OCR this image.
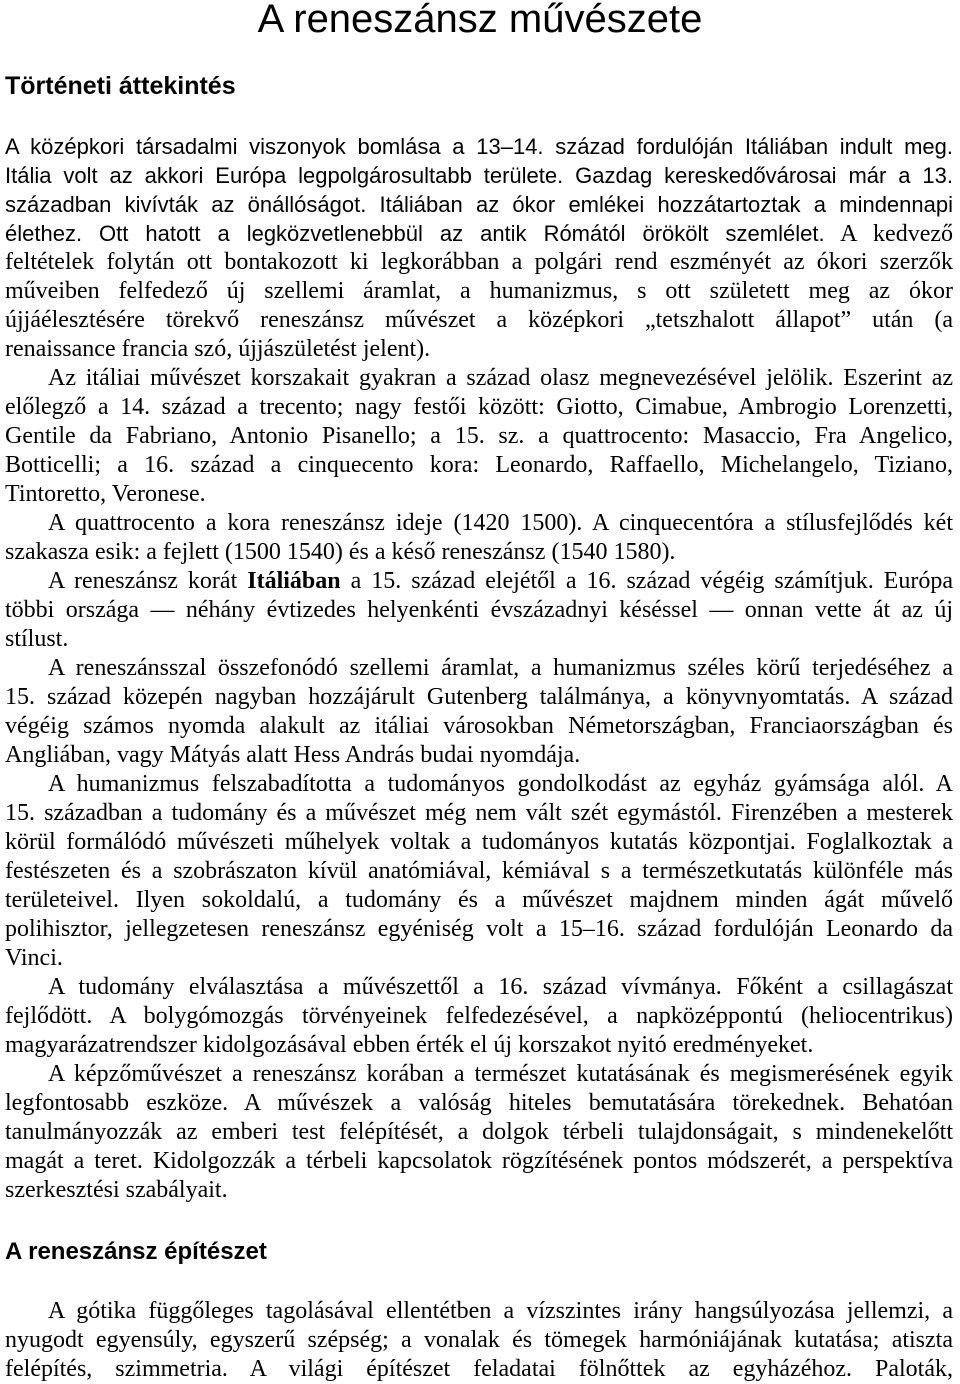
A reneszánsz művészete
Történeti áttekintés
A középkori társadalmi viszonyok bomlása a 13–14. század fordulóján Itáliában indult meg.
Itália volt az akkori Európa legpolgárosultabb területe. Gazdag kereskedővárosai már a 13.
században kivívták az önállóságot. Itáliában az ókor emlékei hozzátartoztak a mindennapi
élethez. Ott hatott a legközvetlenebbül az antik Rómától örökölt szemlélet. A kedvező
feltételek folytán ott bontakozott ki legkorábban a polgári rend eszményét az ókori szerzők
műveiben felfedező új szellemi áramlat, a humanizmus, s ott született meg az ókor
újjáélesztésére törekvő reneszánsz művészet a középkori „tetszhalott állapot” után (a
renaissance francia szó, újjászületést jelent).
Az itáliai művészet korszakait gyakran a század olasz megnevezésével jelölik. Eszerint az
előlegző a 14. század a trecento; nagy festői között: Giotto, Cimabue, Ambrogio Lorenzetti,
Gentile da Fabriano, Antonio Pisanello; a 15. sz. a quattrocento: Masaccio, Fra Angelico,
Botticelli; a 16. század a cinquecento kora: Leonardo, Raffaello, Michelangelo, Tiziano,
Tintoretto, Veronese.
A quattrocento a kora reneszánsz ideje (1420 1500). A cinquecentóra a stílusfejlődés két
szakasza esik: a fejlett (1500 1540) és a késő reneszánsz (1540 1580).
A reneszánsz korát Itáliában a 15. század elejétől a 16. század végéig számítjuk. Európa
többi országa — néhány évtizedes helyenkénti évszázadnyi késéssel — onnan vette át az új
stílust.
A reneszánsszal összefonódó szellemi áramlat, a humanizmus széles körű terjedéséhez a
15. század közepén nagyban hozzájárult Gutenberg találmánya, a könyvnyomtatás. A század
végéig számos nyomda alakult az itáliai városokban Németországban, Franciaországban és
Angliában, vagy Mátyás alatt Hess András budai nyomdája.
A humanizmus felszabadította a tudományos gondolkodást az egyház gyámsága alól. A
15. században a tudomány és a művészet még nem vált szét egymástól. Firenzében a mesterek
körül formálódó művészeti műhelyek voltak a tudományos kutatás központjai. Foglalkoztak a
festészeten és a szobrászaton kívül anatómiával, kémiával s a természetkutatás különféle más
területeivel. Ilyen sokoldalú, a tudomány és a művészet majdnem minden ágát művelő
polihisztor, jellegzetesen reneszánsz egyéniség volt a 15–16. század fordulóján Leonardo da
Vinci.
A tudomány elválasztása a művészettől a 16. század vívmánya. Főként a csillagászat
fejlődött. A bolygómozgás törvényeinek felfedezésével, a napközéppontú (heliocentrikus)
magyarázatrendszer kidolgozásával ebben érték el új korszakot nyitó eredményeket.
A képzőművészet a reneszánsz korában a természet kutatásának és megismerésének egyik
legfontosabb eszköze. A művészek a valóság hiteles bemutatására törekednek. Behatóan
tanulmányozzák az emberi test felépítését, a dolgok térbeli tulajdonságait, s mindenekelőtt
magát a teret. Kidolgozzák a térbeli kapcsolatok rögzítésének pontos módszerét, a perspektíva
szerkesztési szabályait.
A reneszánsz építészet
A gótika függőleges tagolásával ellentétben a vízszintes irány hangsúlyozása jellemzi, a
nyugodt egyensúly, egyszerű szépség; a vonalak és tömegek harmóniájának kutatása; atiszta
felépítés, szimmetria. A világi építészet feladatai fölnőttek az egyházéhoz. Paloták,
